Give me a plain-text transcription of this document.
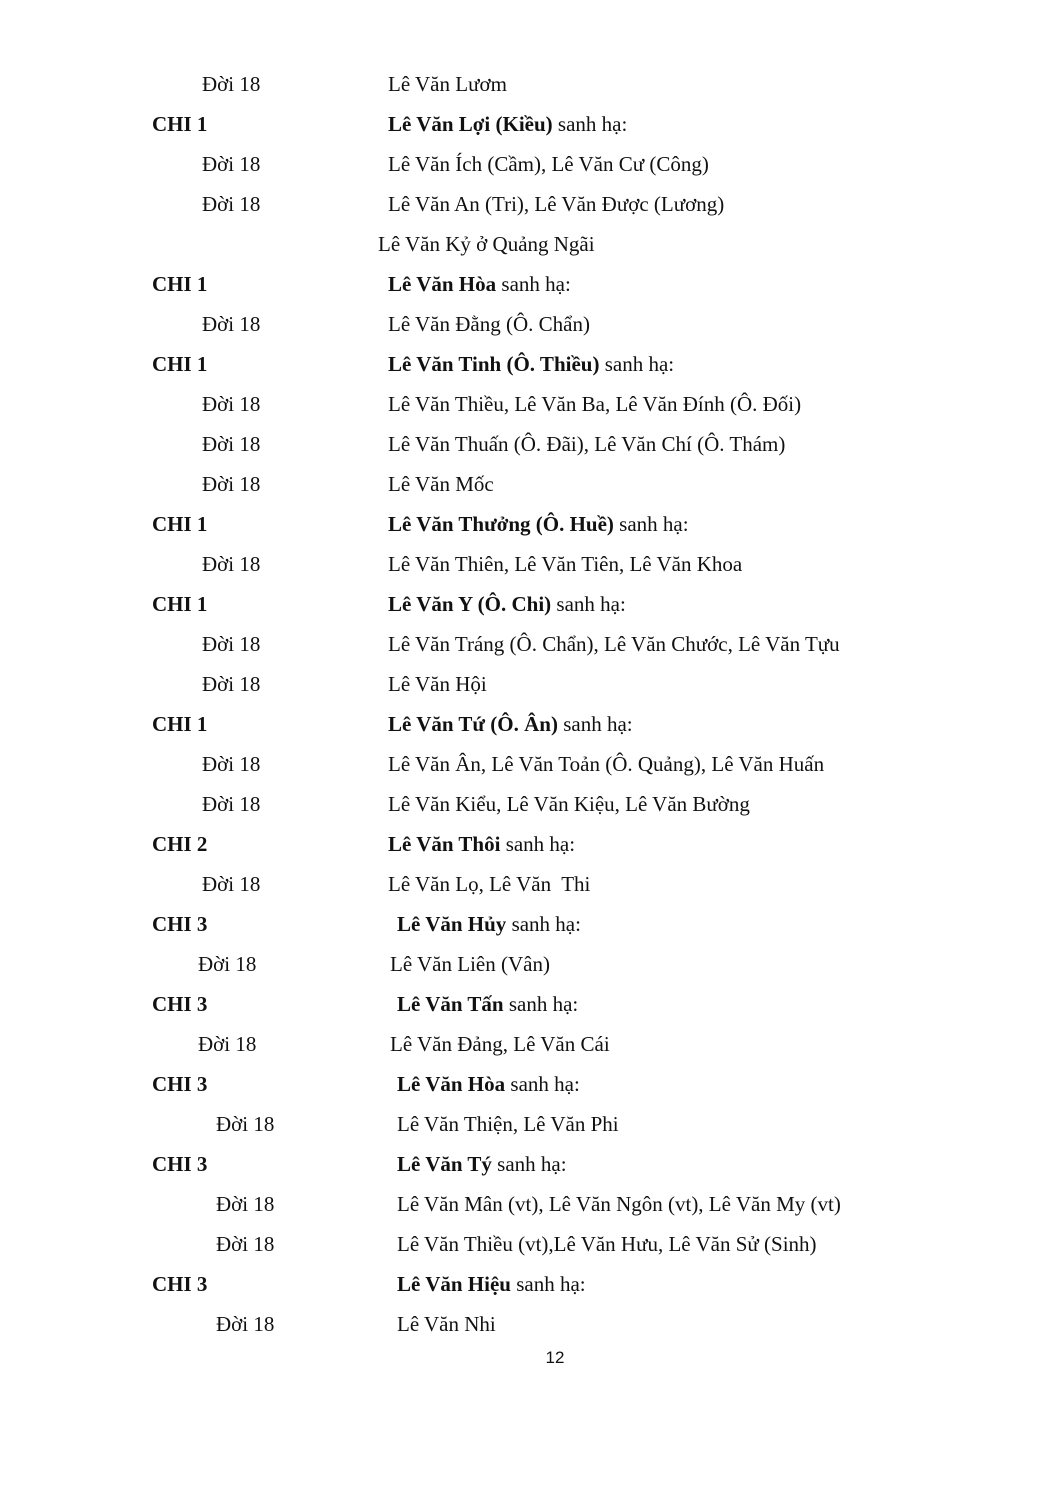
Đời 18	Lê Văn Lươm
CHI 1	Lê Văn Lợi (Kiều) sanh hạ:
Đời 18	Lê Văn Ích (Cầm), Lê Văn Cư (Công)
Đời 18	Lê Văn An (Tri), Lê Văn Được (Lương)
Lê Văn Kỷ ở Quảng Ngãi
CHI 1	Lê Văn Hòa sanh hạ:
Đời 18	Lê Văn Đằng (Ô. Chẩn)
CHI 1	Lê Văn Tinh (Ô. Thiều) sanh hạ:
Đời 18	Lê Văn Thiều, Lê Văn Ba, Lê Văn Đính (Ô. Đối)
Đời 18	Lê Văn Thuấn (Ô. Đãi), Lê Văn Chí (Ô. Thám)
Đời 18	Lê Văn Mốc
CHI 1	Lê Văn Thưởng (Ô. Huề) sanh hạ:
Đời 18	Lê Văn Thiên, Lê Văn Tiên, Lê Văn Khoa
CHI 1	Lê Văn Y (Ô. Chi) sanh hạ:
Đời 18	Lê Văn Tráng (Ô. Chẩn), Lê Văn Chước, Lê Văn Tựu
Đời 18	Lê Văn Hội
CHI 1	Lê Văn Tứ (Ô. Ân) sanh hạ:
Đời 18	Lê Văn Ân, Lê Văn Toản (Ô. Quảng), Lê Văn Huấn
Đời 18	Lê Văn Kiểu, Lê Văn Kiệu, Lê Văn Bường
CHI 2	Lê Văn Thôi sanh hạ:
Đời 18	Lê Văn Lọ, Lê Văn  Thi
CHI 3	Lê Văn Hủy sanh hạ:
Đời 18	Lê Văn Liên (Vân)
CHI 3	Lê Văn Tấn sanh hạ:
Đời 18	Lê Văn Đảng, Lê Văn Cái
CHI 3	Lê Văn Hòa sanh hạ:
Đời 18	Lê Văn Thiện, Lê Văn Phi
CHI 3	Lê Văn Tý sanh hạ:
Đời 18	Lê Văn Mân (vt), Lê Văn Ngôn (vt), Lê Văn My (vt)
Đời 18	Lê Văn Thiều (vt),Lê Văn Hưu, Lê Văn Sử (Sinh)
CHI 3	Lê Văn Hiệu sanh hạ:
Đời 18	Lê Văn Nhi
12
